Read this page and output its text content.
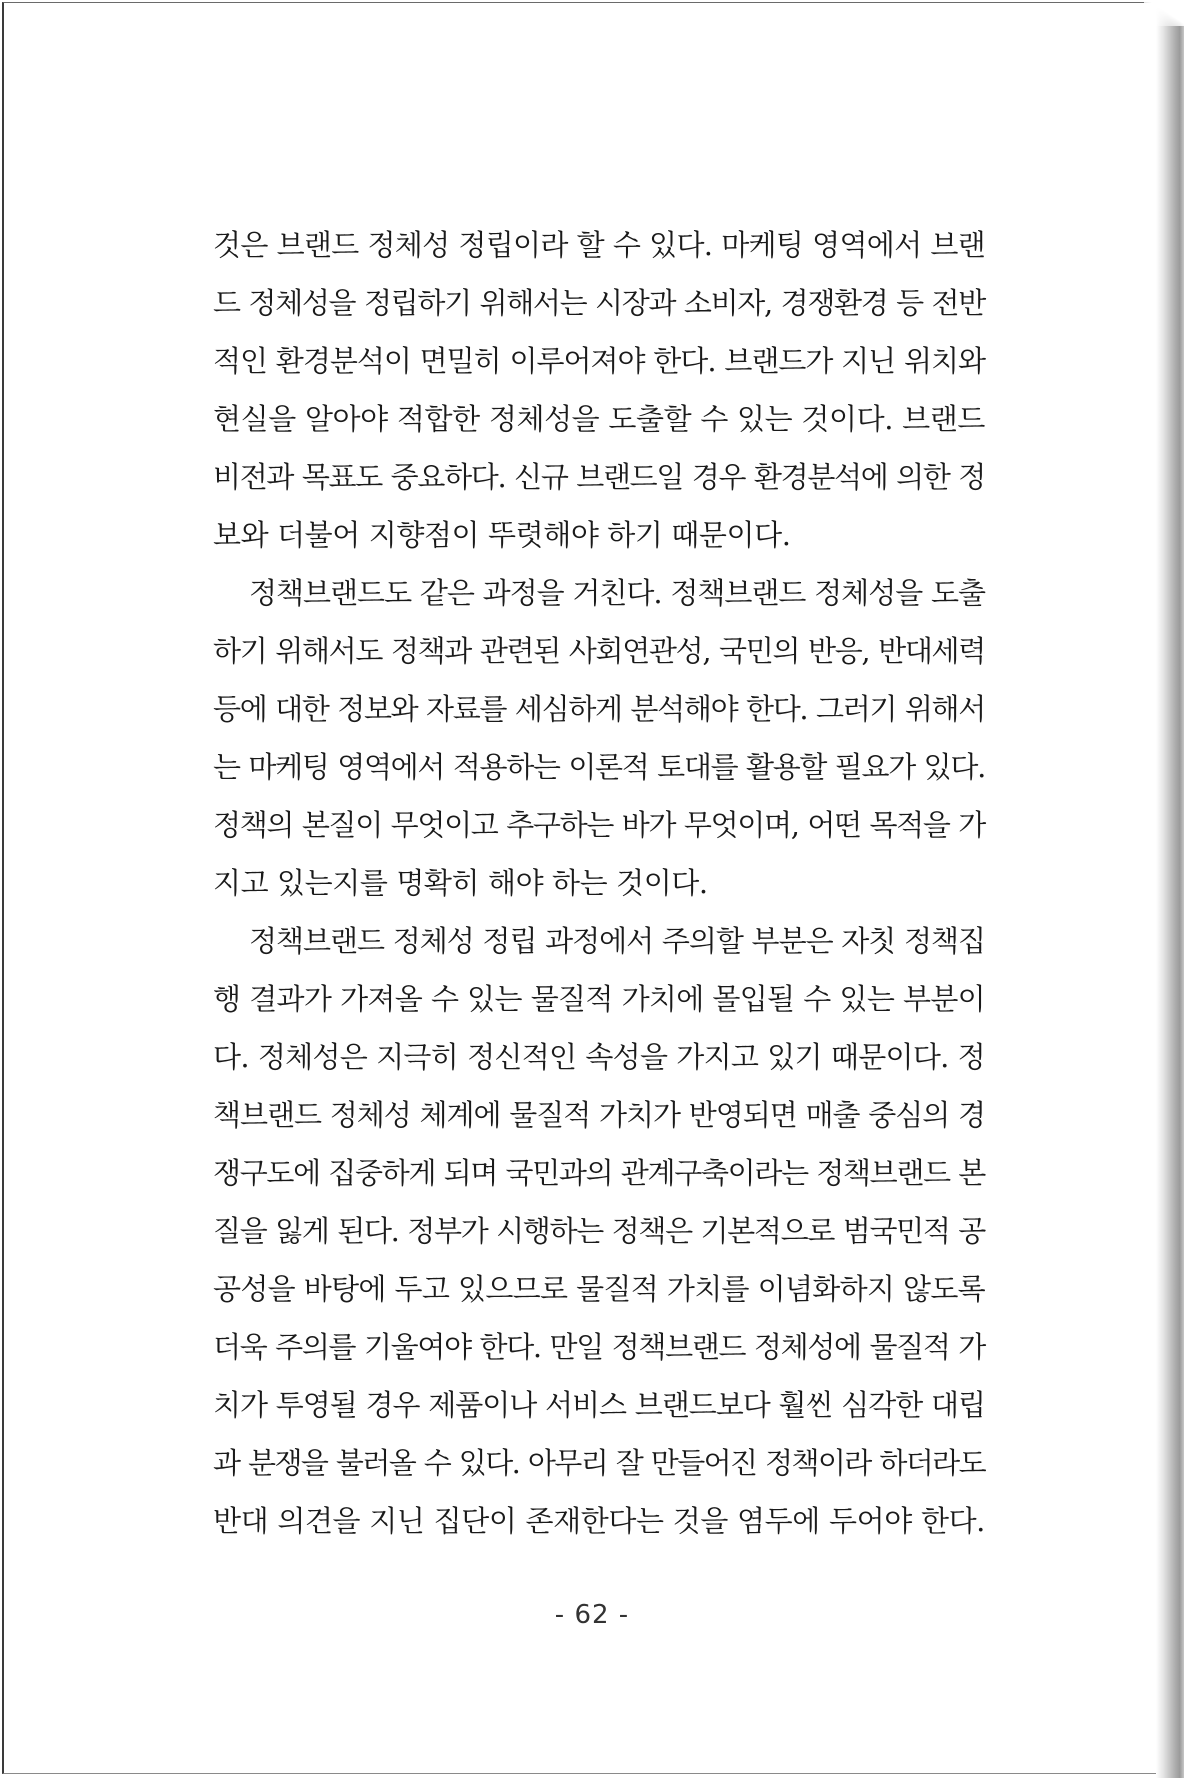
것은 브랜드 정체성 정립이라 할 수 있다. 마케팅 영역에서 브랜
드 정체성을 정립하기 위해서는 시장과 소비자, 경쟁환경 등 전반
적인 환경분석이 면밀히 이루어져야 한다. 브랜드가 지닌 위치와
현실을 알아야 적합한 정체성을 도출할 수 있는 것이다. 브랜드
비전과 목표도 중요하다. 신규 브랜드일 경우 환경분석에 의한 정
보와 더불어 지향점이 뚜렷해야 하기 때문이다.
정책브랜드도 같은 과정을 거친다. 정책브랜드 정체성을 도출
하기 위해서도 정책과 관련된 사회연관성, 국민의 반응, 반대세력
등에 대한 정보와 자료를 세심하게 분석해야 한다. 그러기 위해서
는 마케팅 영역에서 적용하는 이론적 토대를 활용할 필요가 있다.
정책의 본질이 무엇이고 추구하는 바가 무엇이며, 어떤 목적을 가
지고 있는지를 명확히 해야 하는 것이다.
정책브랜드 정체성 정립 과정에서 주의할 부분은 자칫 정책집
행 결과가 가져올 수 있는 물질적 가치에 몰입될 수 있는 부분이
다. 정체성은 지극히 정신적인 속성을 가지고 있기 때문이다. 정
책브랜드 정체성 체계에 물질적 가치가 반영되면 매출 중심의 경
쟁구도에 집중하게 되며 국민과의 관계구축이라는 정책브랜드 본
질을 잃게 된다. 정부가 시행하는 정책은 기본적으로 범국민적 공
공성을 바탕에 두고 있으므로 물질적 가치를 이념화하지 않도록
더욱 주의를 기울여야 한다. 만일 정책브랜드 정체성에 물질적 가
치가 투영될 경우 제품이나 서비스 브랜드보다 훨씬 심각한 대립
과 분쟁을 불러올 수 있다. 아무리 잘 만들어진 정책이라 하더라도
반대 의견을 지닌 집단이 존재한다는 것을 염두에 두어야 한다.
- 62 -
